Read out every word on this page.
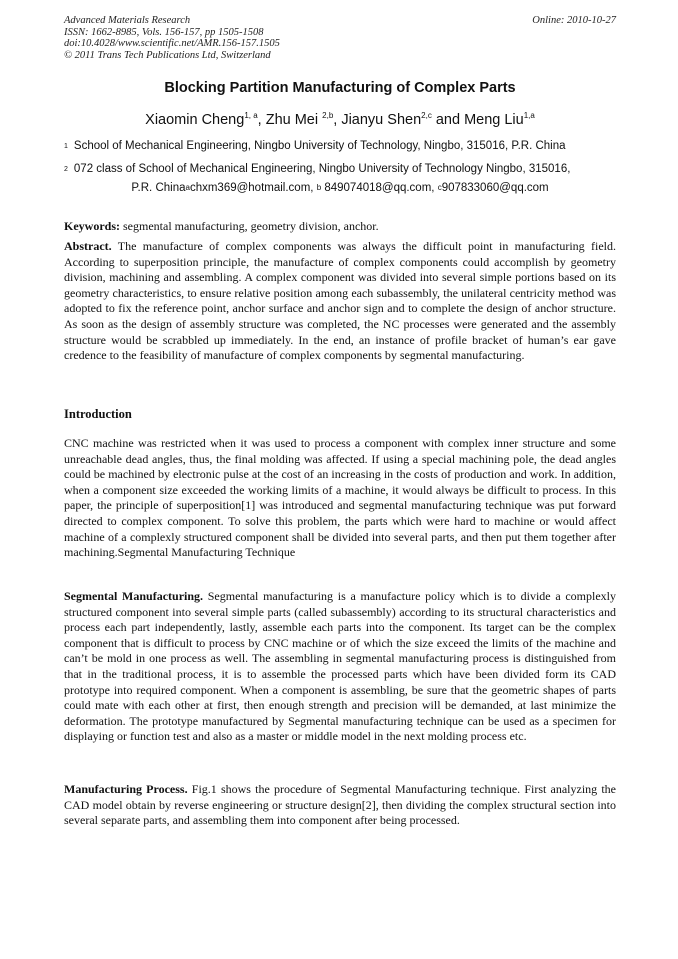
Advanced Materials Research
ISSN: 1662-8985, Vols. 156-157, pp 1505-1508
doi:10.4028/www.scientific.net/AMR.156-157.1505
© 2011 Trans Tech Publications Ltd, Switzerland
Online: 2010-10-27
Blocking Partition Manufacturing of Complex Parts
Xiaomin Cheng$^{1, a}$, Zhu Mei $^{2,b}$, Jianyu Shen$^{2,c}$ and Meng Liu$^{1,a}$
$^1$ School of Mechanical Engineering, Ningbo University of Technology, Ningbo, 315016, P.R. China
$^2$ 072 class of School of Mechanical Engineering, Ningbo University of Technology Ningbo, 315016,
P.R. China$^a$chxm369@hotmail.com, $^b$ 849074018@qq.com, $^c$907833060@qq.com
Keywords: segmental manufacturing, geometry division, anchor.
Abstract. The manufacture of complex components was always the difficult point in manufacturing field. According to superposition principle, the manufacture of complex components could accomplish by geometry division, machining and assembling. A complex component was divided into several simple portions based on its geometry characteristics, to ensure relative position among each subassembly, the unilateral centricity method was adopted to fix the reference point, anchor surface and anchor sign and to complete the design of anchor structure. As soon as the design of assembly structure was completed, the NC processes were generated and the assembly structure would be scrabbled up immediately. In the end, an instance of profile bracket of human’s ear gave credence to the feasibility of manufacture of complex components by segmental manufacturing.
Introduction
CNC machine was restricted when it was used to process a component with complex inner structure and some unreachable dead angles, thus, the final molding was affected. If using a special machining pole, the dead angles could be machined by electronic pulse at the cost of an increasing in the costs of production and work. In addition, when a component size exceeded the working limits of a machine, it would always be difficult to process. In this paper, the principle of superposition[1] was introduced and segmental manufacturing technique was put forward directed to complex component. To solve this problem, the parts which were hard to machine or would affect machine of a complexly structured component shall be divided into several parts, and then put them together after machining.Segmental Manufacturing Technique
Segmental Manufacturing. Segmental manufacturing is a manufacture policy which is to divide a complexly structured component into several simple parts (called subassembly) according to its structural characteristics and process each part independently, lastly, assemble each parts into the component. Its target can be the complex component that is difficult to process by CNC machine or of which the size exceed the limits of the machine and can’t be mold in one process as well. The assembling in segmental manufacturing process is distinguished from that in the traditional process, it is to assemble the processed parts which have been divided form its CAD prototype into required component. When a component is assembling, be sure that the geometric shapes of parts could mate with each other at first, then enough strength and precision will be demanded, at last minimize the deformation. The prototype manufactured by Segmental manufacturing technique can be used as a specimen for displaying or function test and also as a master or middle model in the next molding process etc.
Manufacturing Process. Fig.1 shows the procedure of Segmental Manufacturing technique. First analyzing the CAD model obtain by reverse engineering or structure design[2], then dividing the complex structural section into several separate parts, and assembling them into component after being processed.
